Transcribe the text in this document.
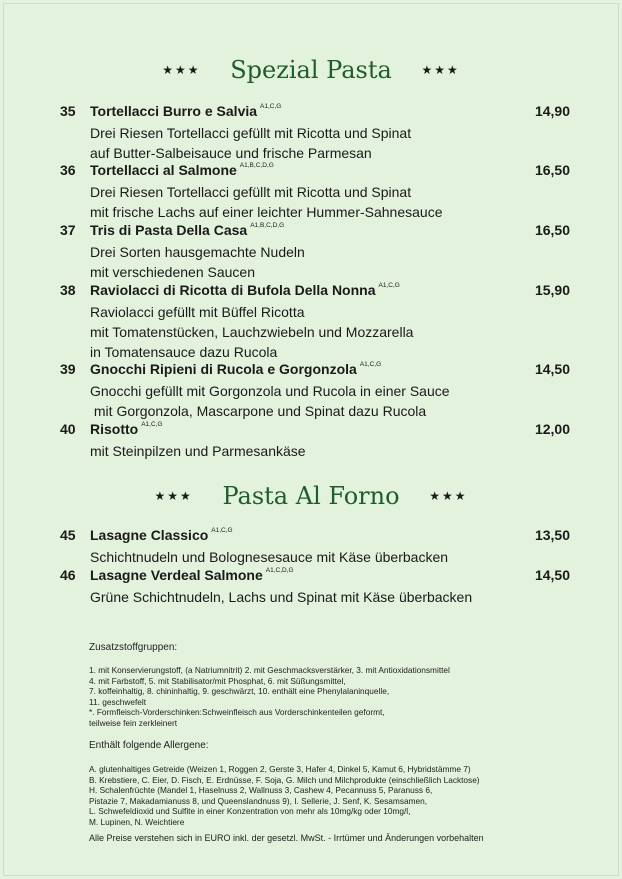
★★★ Spezial Pasta ★★★
35 Tortellacci Burro e Salvia $^{A1,C,G}$	14,90
Drei Riesen Tortellacci gefüllt mit Ricotta und Spinat
auf Butter-Salbeisauce und frische Parmesan
36 Tortellacci al Salmone $^{A1,B,C,D,G}$	16,50
Drei Riesen Tortellacci gefüllt mit Ricotta und Spinat
mit frische Lachs auf einer leichter Hummer-Sahnesauce
37 Tris di Pasta Della Casa $^{A1,B,C,D,G}$	16,50
Drei Sorten hausgemachte Nudeln
mit verschiedenen Saucen
38 Raviolacci di Ricotta di Bufola Della Nonna $^{A1,C,G}$	15,90
Raviolacci gefüllt mit Büffel Ricotta
mit Tomatenstücken, Lauchzwiebeln und Mozzarella
in Tomatensauce dazu Rucola
39 Gnocchi Ripieni di Rucola e Gorgonzola $^{A1,C,G}$	14,50
Gnocchi gefüllt mit Gorgonzola und Rucola in einer Sauce
mit Gorgonzola, Mascarpone und Spinat dazu Rucola
40 Risotto $^{A1,C,G}$	12,00
mit Steinpilzen und Parmesankäse
★★★ Pasta Al Forno ★★★
45 Lasagne Classico $^{A1,C,G}$	13,50
Schichtnudeln und Bolognesesauce mit Käse überbacken
46 Lasagne Verdeal Salmone $^{A1,C,D,G}$	14,50
Grüne Schichtnudeln, Lachs und Spinat mit Käse überbacken
Zusatzstoffgruppen:
1. mit Konservierungstoff, (a Natriumnitrit) 2. mit Geschmacksverstärker, 3. mit Antioxidationsmittel
4. mit Farbstoff, 5. mit Stabilisator/mit Phosphat, 6. mit Süßungsmittel,
7. koffeinhaltig, 8. chininhaltig, 9. geschwärzt, 10. enthält eine Phenylalaninquelle,
11. geschwefelt
*. Formfleisch-Vorderschinken:Schweinfleisch aus Vorderschinkenteilen geformt,
teilweise fein zerkleinert
Enthält folgende Allergene:
A. glutenhaltiges Getreide (Weizen 1, Roggen 2, Gerste 3, Hafer 4, Dinkel 5, Kamut 6, Hybridstämme 7)
B. Krebstiere, C. Eier, D. Fisch, E. Erdnüsse, F. Soja, G. Milch und Milchprodukte (einschließlich Lacktose)
H. Schalenfrüchte (Mandel 1, Haselnuss 2, Wallnuss 3, Cashew 4, Pecannuss 5, Paranuss 6,
Pistazie 7, Makadamianuss 8, und Queenslandnuss 9), I. Sellerie, J. Senf, K. Sesamsamen,
L. Schwefeldioxid und Sulfite in einer Konzentration von mehr als 10mg/kg oder 10mg/l,
M. Lupinen, N. Weichtiere
Alle Preise verstehen sich in EURO inkl. der gesetzl. MwSt. - Irrtümer und Änderungen vorbehalten
